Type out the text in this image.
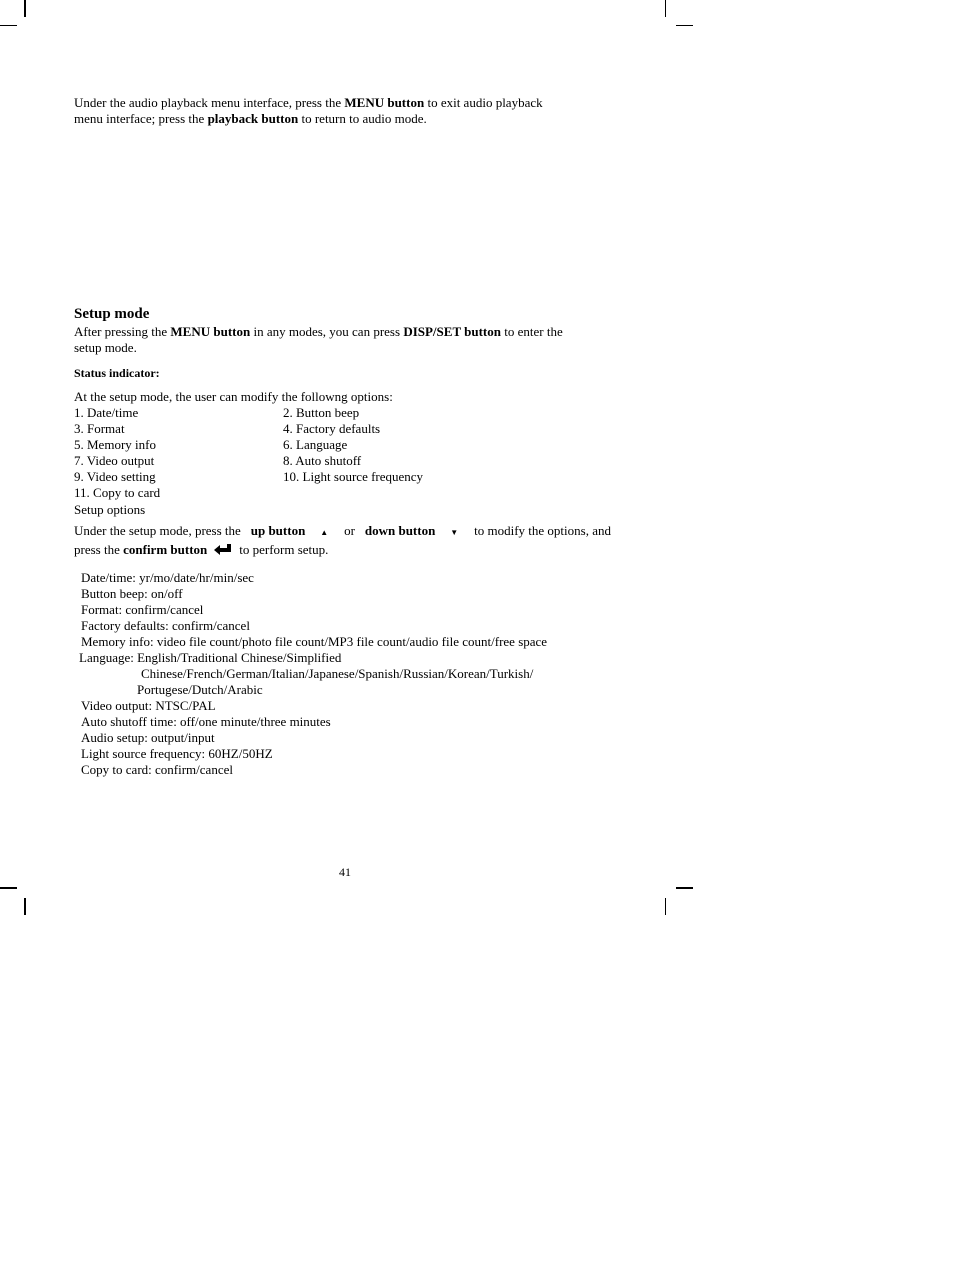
Under the audio playback menu interface, press the MENU button to exit audio playback
menu interface; press the playback button to return to audio mode.
Setup mode
After pressing the MENU button in any modes, you can press DISP/SET button to enter the
setup mode.
Status indicator:
At the setup mode, the user can modify the followng options:
1. Date/time
3. Format
5. Memory info
7. Video output
9. Video setting
11. Copy to card
2. Button beep
4. Factory defaults
6. Language
8. Auto shutoff
10. Light source frequency
Setup options
Under the setup mode, press the up button ▲ or down button ▼ to modify the options, and
press the confirm button to perform setup.
Date/time: yr/mo/date/hr/min/sec
Button beep: on/off
Format: confirm/cancel
Factory defaults: confirm/cancel
Memory info: video file count/photo file count/MP3 file count/audio file count/free space
Language: English/Traditional Chinese/Simplified
Chinese/French/German/Italian/Japanese/Spanish/Russian/Korean/Turkish/
Portugese/Dutch/Arabic
Video output: NTSC/PAL
Auto shutoff time: off/one minute/three minutes
Audio setup: output/input
Light source frequency: 60HZ/50HZ
Copy to card: confirm/cancel
41
